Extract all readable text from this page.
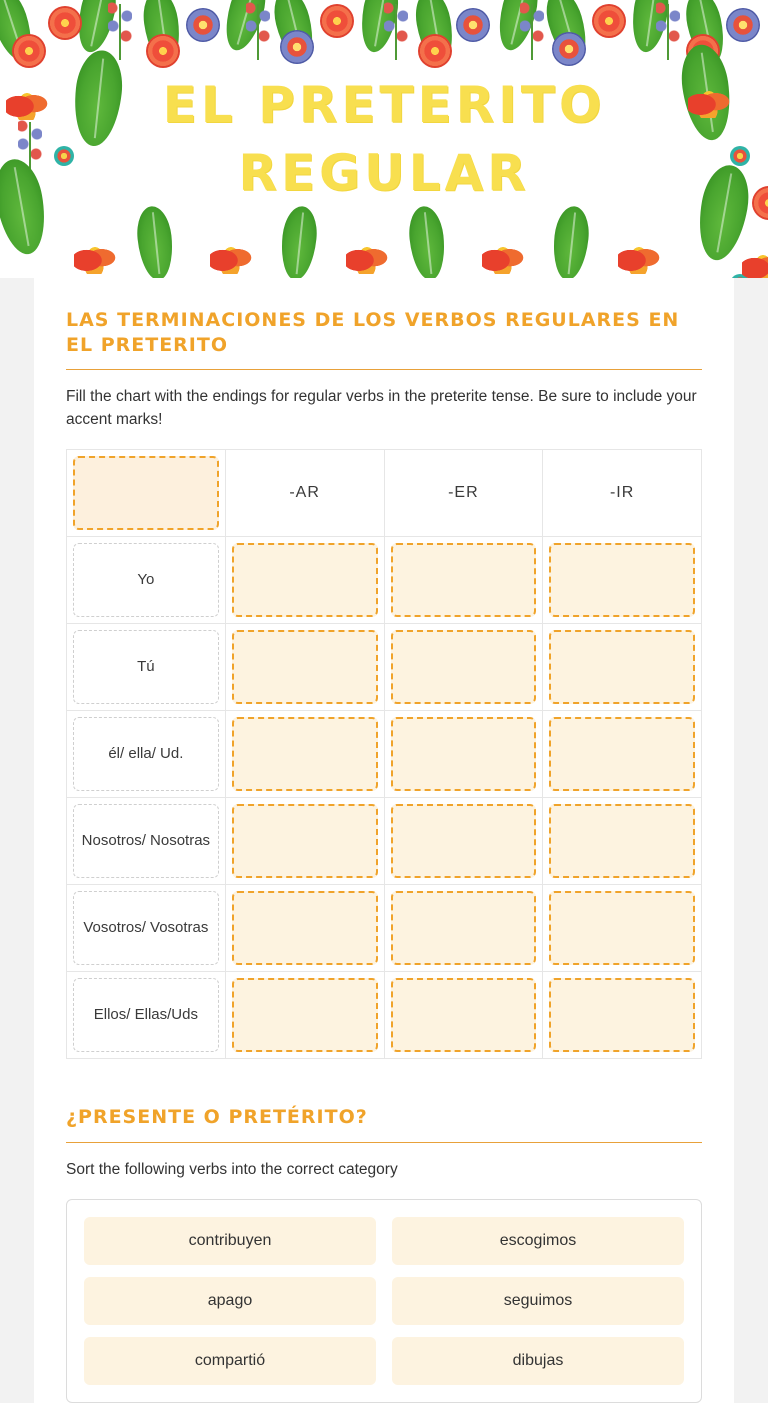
EL PRETERITO
REGULAR
LAS TERMINACIONES DE LOS VERBOS REGULARES EN EL PRETERITO

Fill the chart with the endings for regular verbs in the preterite tense. Be sure to include your accent marks!

	-AR	-ER	-IR

Yo			

Tú			

él/ ella/ Ud.			

Nosotros/ Nosotras			

Vosotros/ Vosotras			

Ellos/ Ellas/Uds			

¿PRESENTE O PRETÉRITO?

Sort the following verbs into the correct category

contribuyen	escogimos
apago	seguimos
compartió	dibujas
